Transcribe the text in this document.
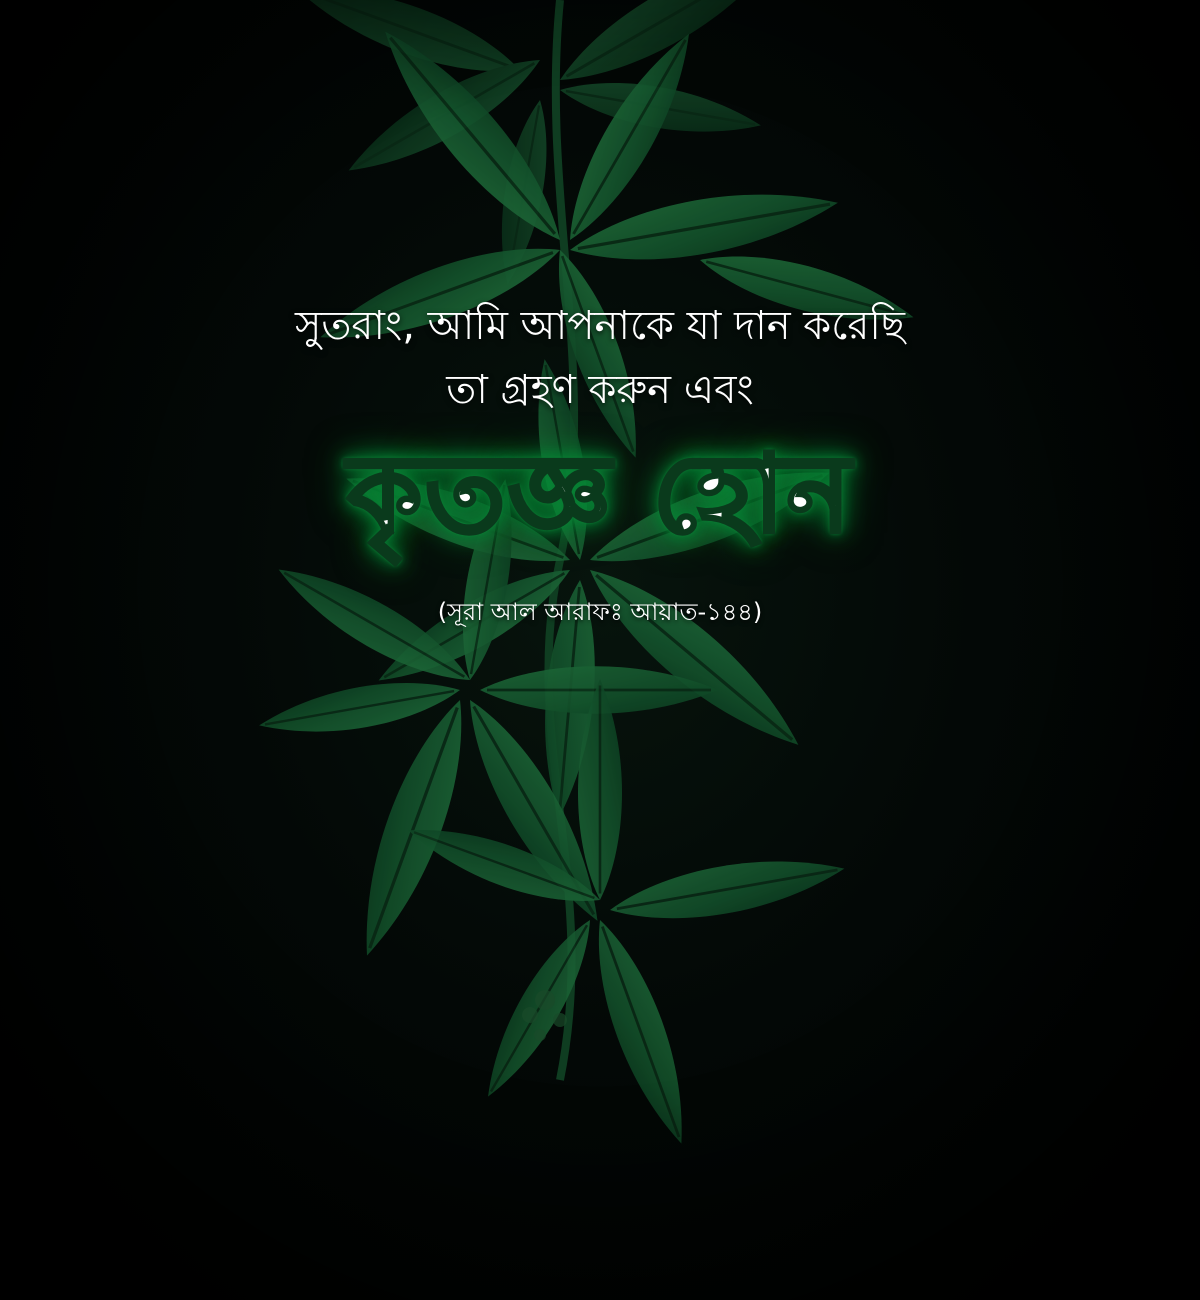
সুতরাং, আমি আপনাকে যা দান করেছি
তা গ্রহণ করুন এবং
কৃতজ্ঞ হোন
(সূরা আল আরাফঃ আয়াত-১৪৪)
